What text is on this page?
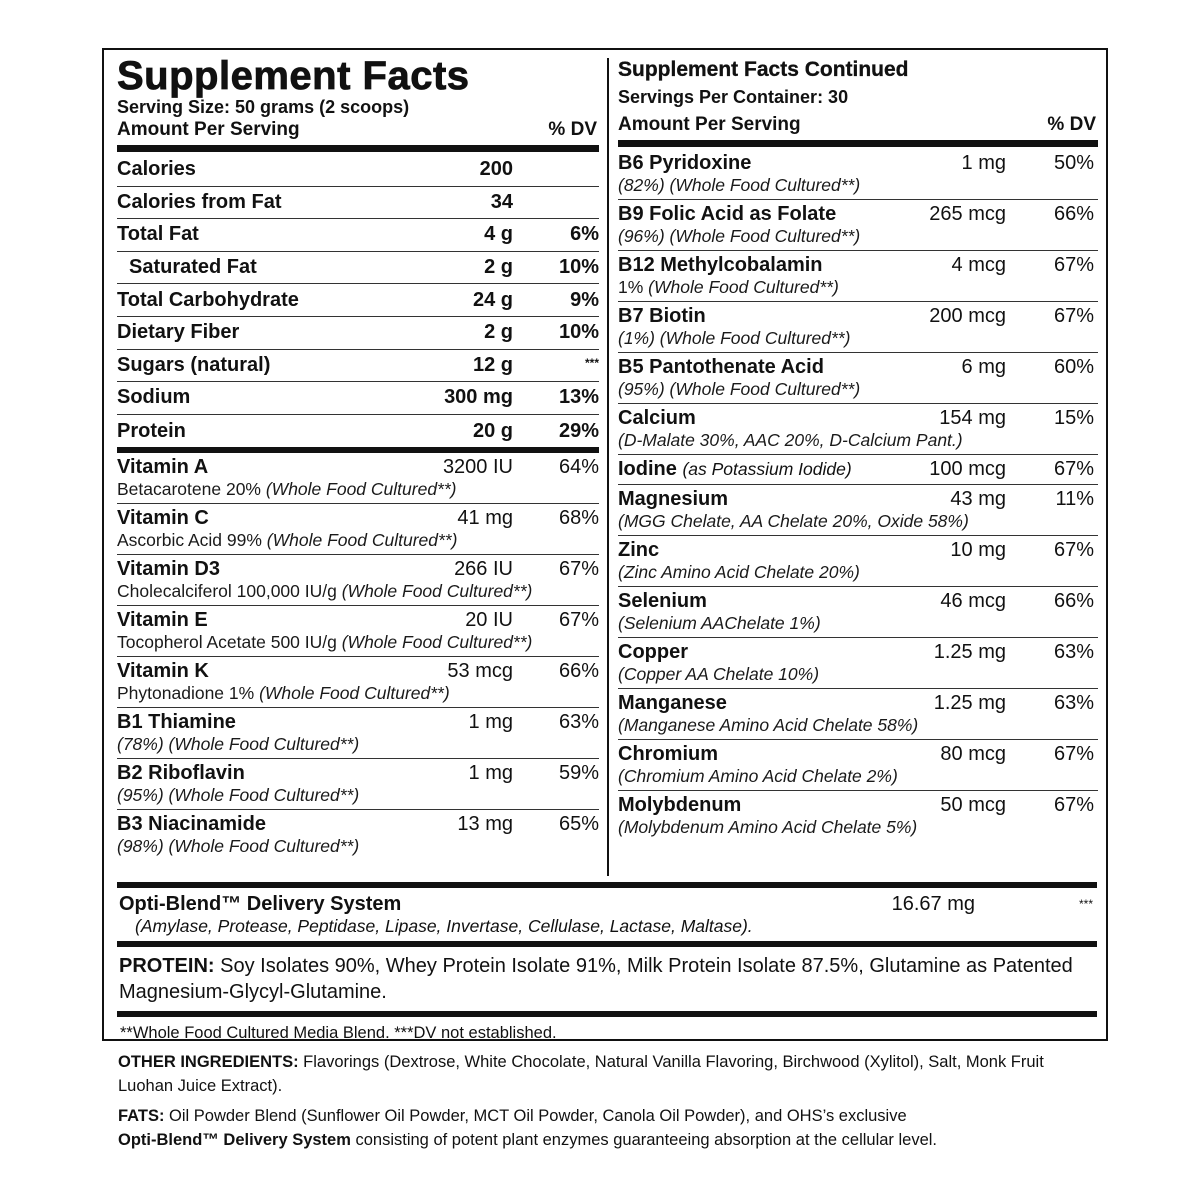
Supplement Facts
Serving Size: 50 grams (2 scoops)
Amount Per Serving	% DV
Calories	200
Calories from Fat	34
Total Fat	4 g	6%
Saturated Fat	2 g	10%
Total Carbohydrate	24 g	9%
Dietary Fiber	2 g	10%
Sugars (natural)	12 g	***
Sodium	300 mg	13%
Protein	20 g	29%
Vitamin A	3200 IU	64%
Betacarotene 20% (Whole Food Cultured**)
Vitamin C	41 mg	68%
Ascorbic Acid 99% (Whole Food Cultured**)
Vitamin D3	266 IU	67%
Cholecalciferol 100,000 IU/g (Whole Food Cultured**)
Vitamin E	20 IU	67%
Tocopherol Acetate 500 IU/g (Whole Food Cultured**)
Vitamin K	53 mcg	66%
Phytonadione 1% (Whole Food Cultured**)
B1 Thiamine	1 mg	63%
(78%) (Whole Food Cultured**)
B2 Riboflavin	1 mg	59%
(95%) (Whole Food Cultured**)
B3 Niacinamide	13 mg	65%
(98%) (Whole Food Cultured**)
Supplement Facts Continued
Servings Per Container: 30
Amount Per Serving	% DV
B6 Pyridoxine	1 mg	50%
(82%) (Whole Food Cultured**)
B9 Folic Acid as Folate	265 mcg	66%
(96%) (Whole Food Cultured**)
B12 Methylcobalamin	4 mcg	67%
1% (Whole Food Cultured**)
B7 Biotin	200 mcg	67%
(1%) (Whole Food Cultured**)
B5 Pantothenate Acid	6 mg	60%
(95%) (Whole Food Cultured**)
Calcium	154 mg	15%
(D-Malate 30%, AAC 20%, D-Calcium Pant.)
Iodine (as Potassium Iodide)	100 mcg	67%
Magnesium	43 mg	11%
(MGG Chelate, AA Chelate 20%, Oxide 58%)
Zinc	10 mg	67%
(Zinc Amino Acid Chelate 20%)
Selenium	46 mcg	66%
(Selenium AAChelate 1%)
Copper	1.25 mg	63%
(Copper AA Chelate 10%)
Manganese	1.25 mg	63%
(Manganese Amino Acid Chelate 58%)
Chromium	80 mcg	67%
(Chromium Amino Acid Chelate 2%)
Molybdenum	50 mcg	67%
(Molybdenum Amino Acid Chelate 5%)
Opti-Blend™ Delivery System	16.67 mg	***
(Amylase, Protease, Peptidase, Lipase, Invertase, Cellulase, Lactase, Maltase).
PROTEIN: Soy Isolates 90%, Whey Protein Isolate 91%, Milk Protein Isolate 87.5%, Glutamine as Patented Magnesium-Glycyl-Glutamine.
**Whole Food Cultured Media Blend. ***DV not established.

OTHER INGREDIENTS: Flavorings (Dextrose, White Chocolate, Natural Vanilla Flavoring, Birchwood (Xylitol), Salt, Monk Fruit Luohan Juice Extract).

FATS: Oil Powder Blend (Sunflower Oil Powder, MCT Oil Powder, Canola Oil Powder), and OHS’s exclusive
Opti-Blend™ Delivery System consisting of potent plant enzymes guaranteeing absorption at the cellular level.
